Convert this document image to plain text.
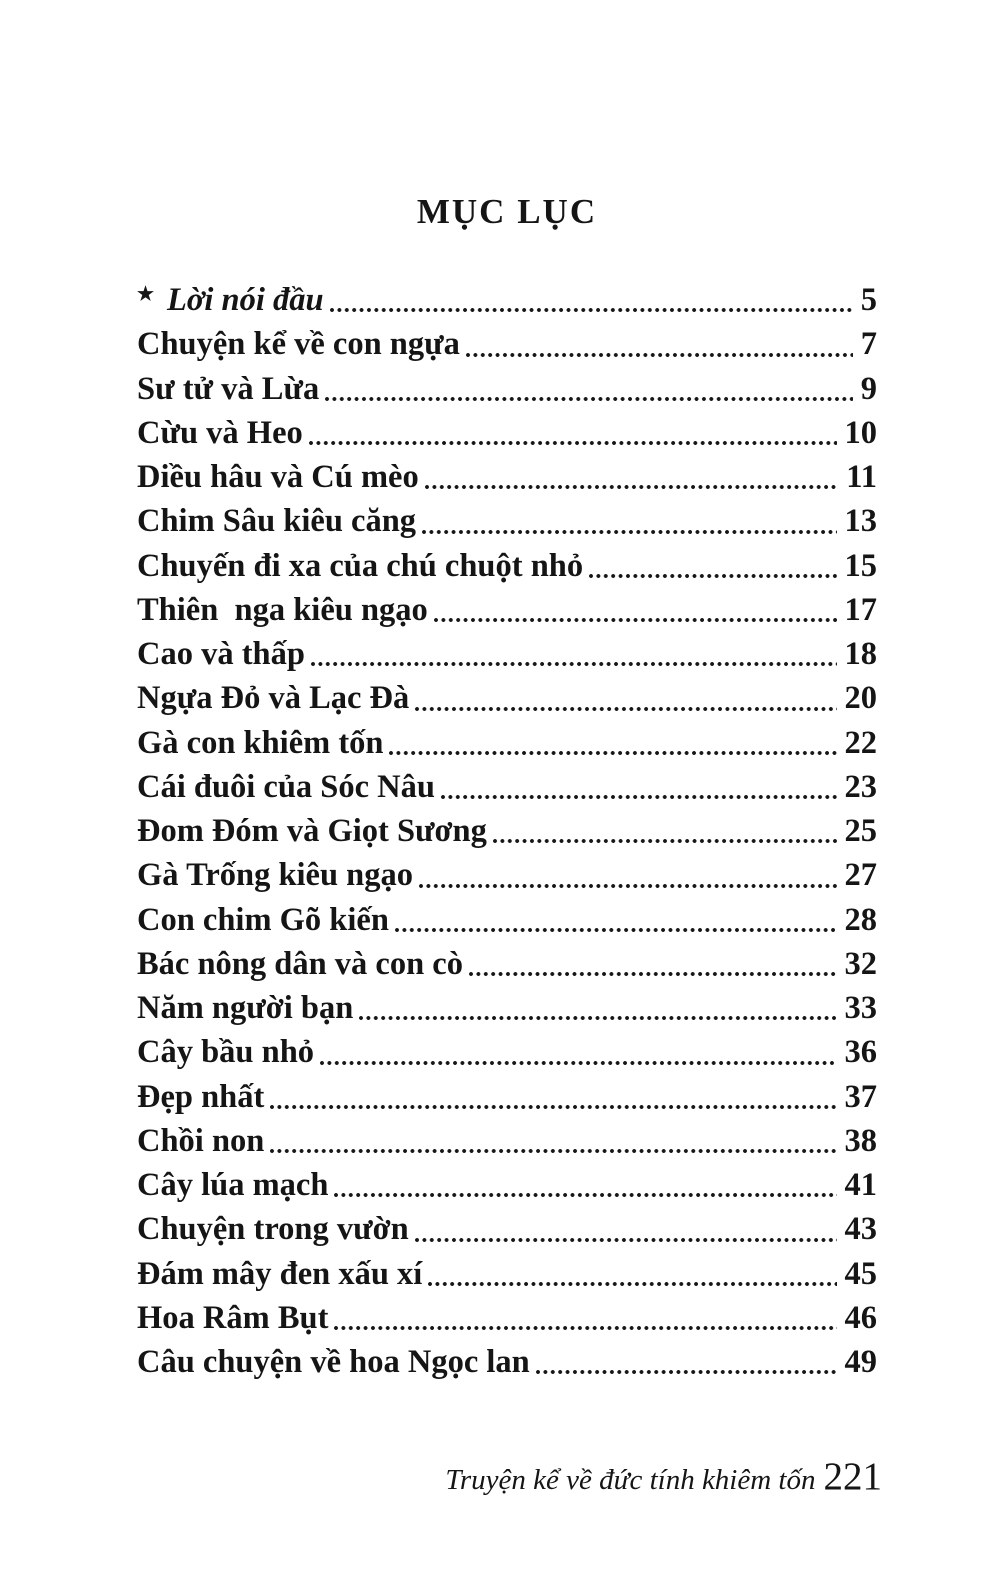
MỤC LỤC
★ Lời nói đầu	5
Chuyện kể về con ngựa	7
Sư tử và Lừa	9
Cừu và Heo	10
Diều hâu và Cú mèo	11
Chim Sâu kiêu căng	13
Chuyến đi xa của chú chuột nhỏ	15
Thiên  nga kiêu ngạo	17
Cao và thấp	18
Ngựa Đỏ và Lạc Đà	20
Gà con khiêm tốn	22
Cái đuôi của Sóc Nâu	23
Đom Đóm và Giọt Sương	25
Gà Trống kiêu ngạo	27
Con chim Gõ kiến	28
Bác nông dân và con cò	32
Năm người bạn	33
Cây bầu nhỏ	36
Đẹp nhất	37
Chồi non	38
Cây lúa mạch	41
Chuyện trong vườn	43
Đám mây đen xấu xí	45
Hoa Râm Bụt	46
Câu chuyện về hoa Ngọc lan	49
Truyện kể về đức tính khiêm tốn 221
